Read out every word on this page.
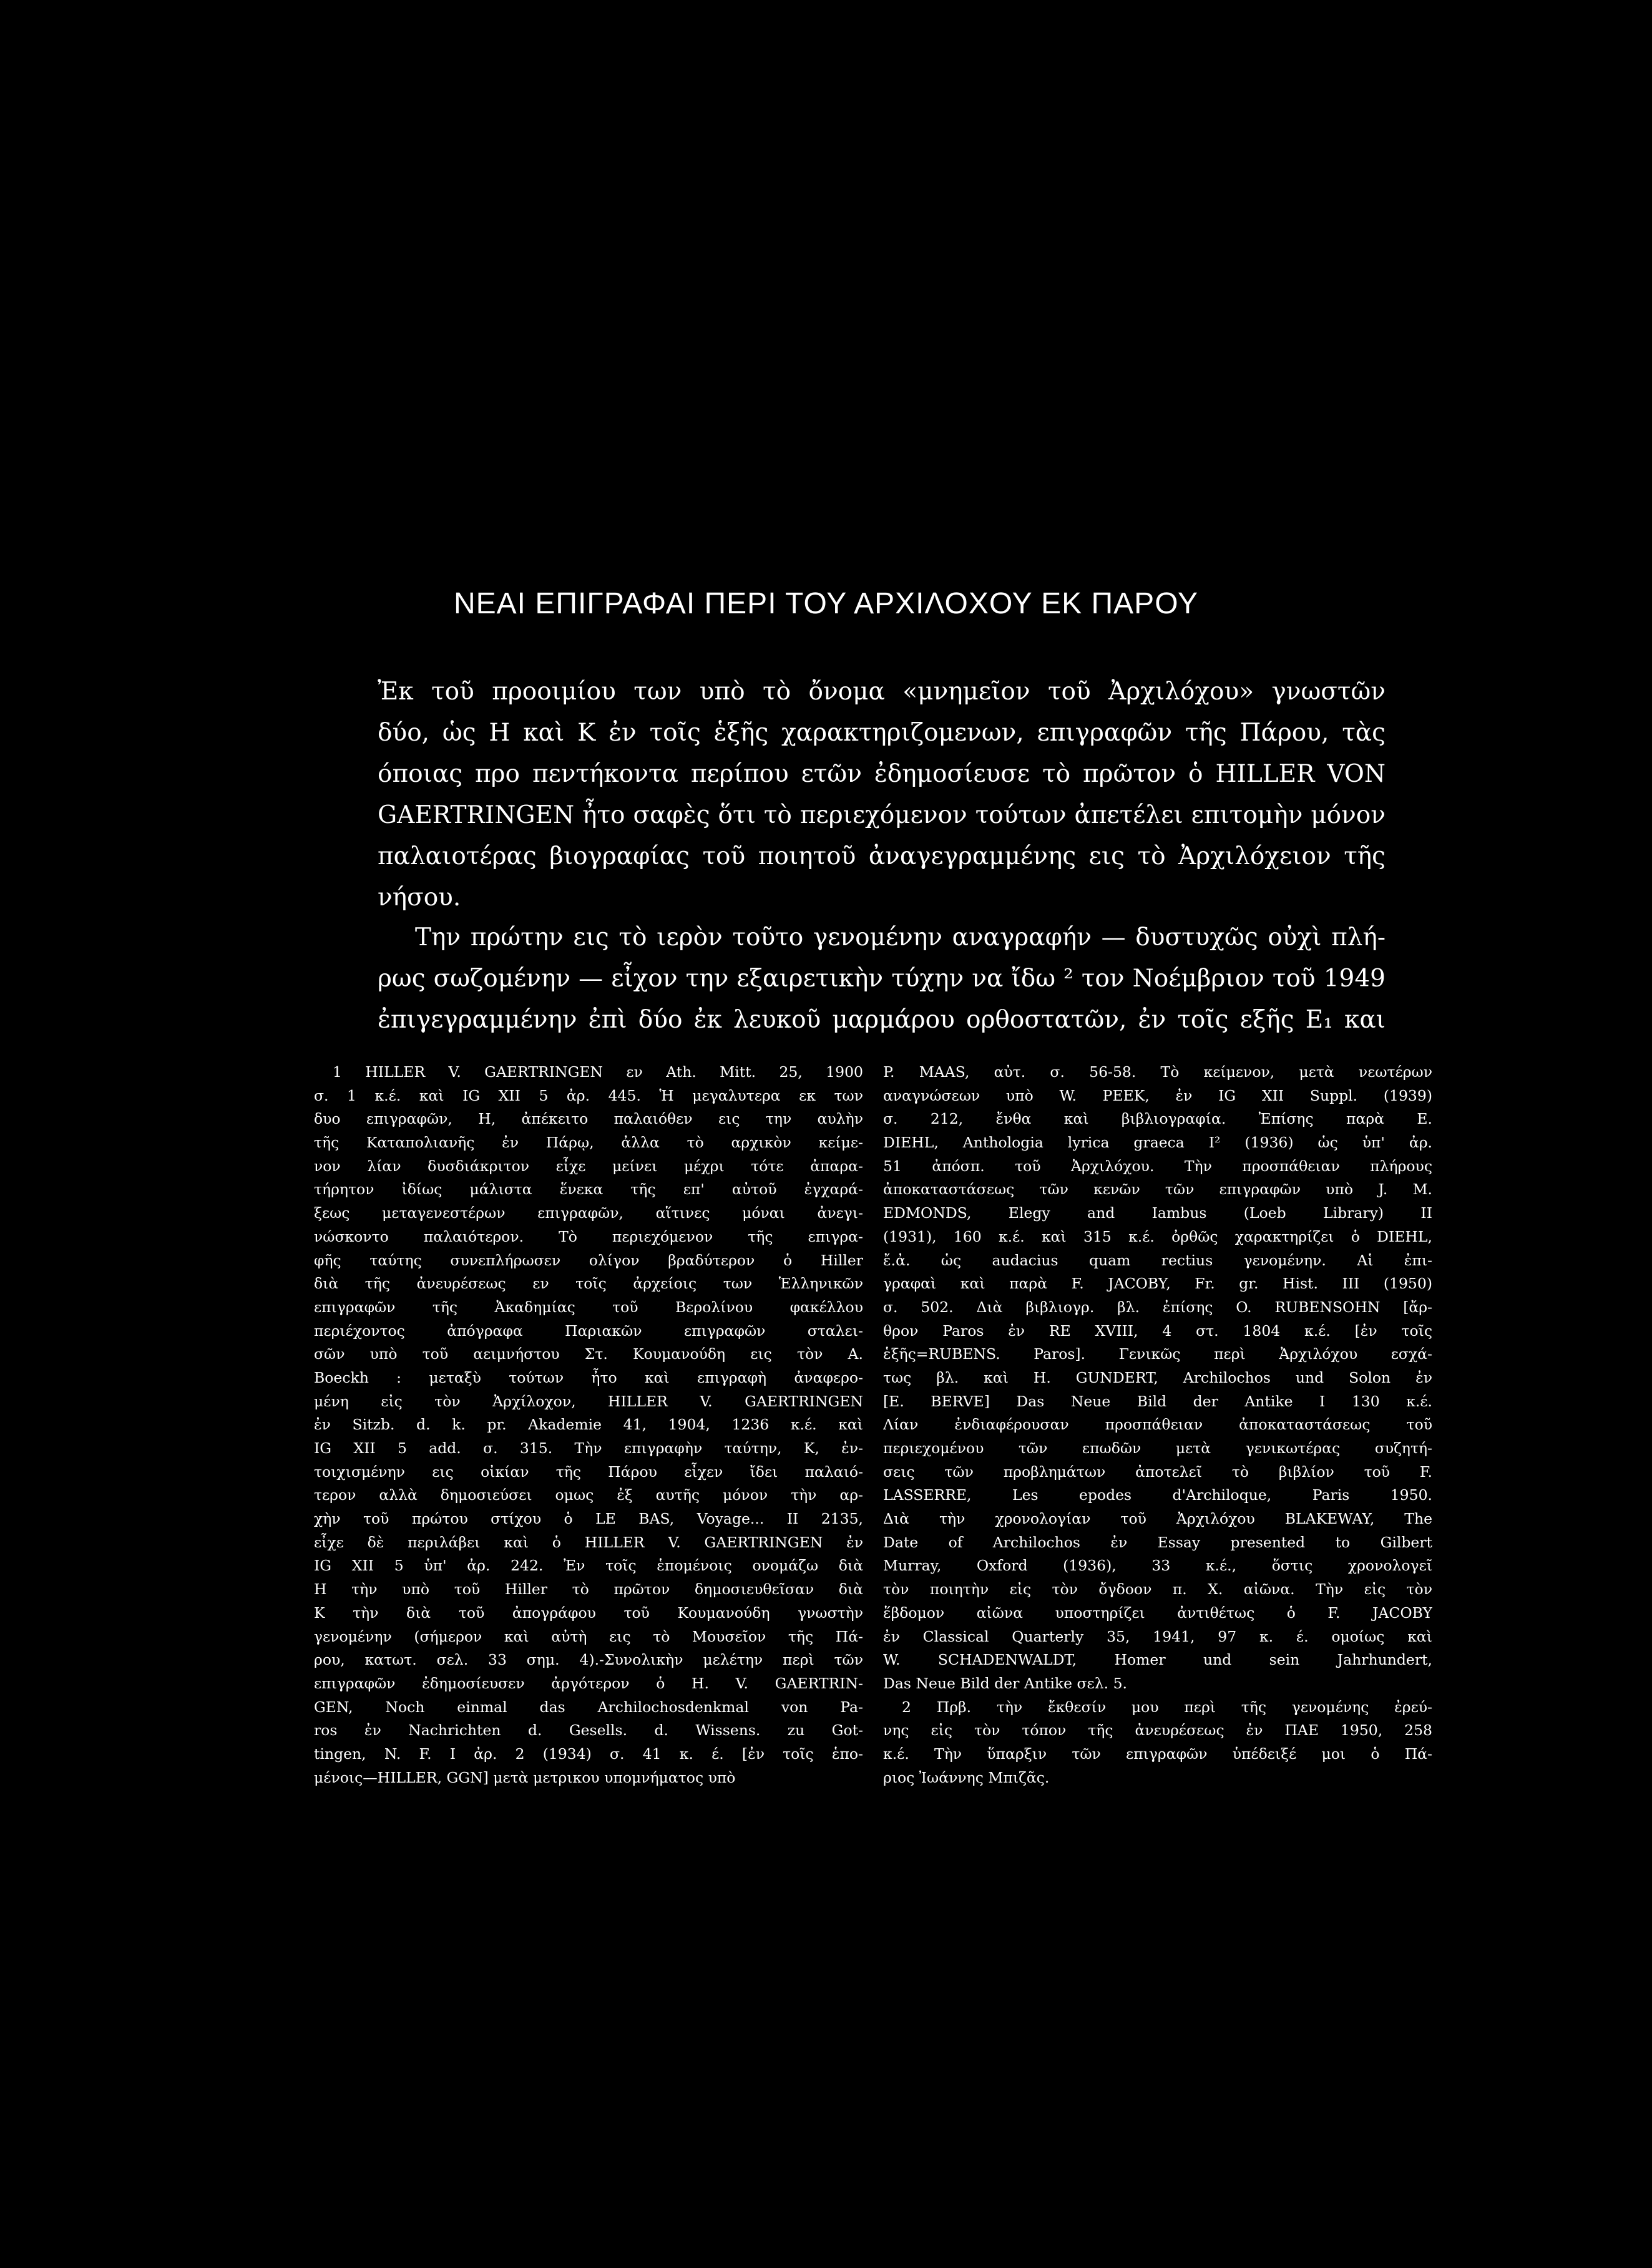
ΝΕΑΙ ΕΠΙΓΡΑΦΑΙ ΠΕΡΙ ΤΟΥ ΑΡΧΙΛΟΧΟΥ ΕΚ ΠΑΡΟΥ
Ἐκ τοῦ προοιμίου των υπὸ τὸ ὄνομα «μνημεῖον τοῦ Ἀρχιλόχου» γνωστῶν
δύο, ὡς Η καὶ Κ ἐν τοῖς ἑξῆς χαρακτηριζομενων, επιγραφῶν τῆς Πάρου, τὰς
όποιας προ πεντήκοντα περίπου ετῶν ἐδημοσίευσε τὸ πρῶτον ὁ HILLER VON
GAERTRINGEN ἦτο σαφὲς ὅτι τὸ περιεχόμενον τούτων ἀπετέλει επιτομὴν μόνον
παλαιοτέρας βιογραφίας τοῦ ποιητοῦ ἀναγεγραμμένης εις τὸ Ἀρχιλόχειον τῆς
νήσου.
Την πρώτην εις τὸ ιερὸν τοῦτο γενομένην αναγραφήν — δυστυχῶς οὐχὶ πλή-
ρως σωζομένην — εἶχον την εξαιρετικὴν τύχην να ἴδω ² τον Νοέμβριον τοῦ 1949
ἐπιγεγραμμένην ἐπὶ δύο ἐκ λευκοῦ μαρμάρου ορθοστατῶν, ἐν τοῖς εξῆς E₁ και
1 HILLER V. GAERTRINGEN εν Ath. Mitt. 25, 1900
σ. 1 κ.έ. καὶ IG XII 5 ἀρ. 445. Ἡ μεγαλυτερα εκ των
δυο επιγραφῶν, Η, ἀπέκειτο παλαιόθεν εις την αυλὴν
τῆς Καταπολιανῆς ἐν Πάρῳ, ἀλλα τὸ αρχικὸν κείμε-
νον λίαν δυσδιάκριτον εἶχε μείνει μέχρι τότε ἀπαρα-
τήρητον ἰδίως μάλιστα ἕνεκα τῆς επ' αὐτοῦ ἐγχαρά-
ξεως μεταγενεστέρων επιγραφῶν, αἵτινες μόναι ἀνεγι-
νώσκοντο παλαιότερον. Τὸ περιεχόμενον τῆς επιγρα-
φῆς ταύτης συνεπλήρωσεν ολίγον βραδύτερον ὁ Hiller
διὰ τῆς ἀνευρέσεως εν τοῖς ἀρχείοις των Ἑλληνικῶν
επιγραφῶν τῆς Ἀκαδημίας τοῦ Βερολίνου φακέλλου
περιέχοντος ἀπόγραφα Παριακῶν επιγραφῶν σταλει-
σῶν υπὸ τοῦ αειμνήστου Στ. Κουμανούδη εις τὸν Α.
Boeckh : μεταξὺ τούτων ἦτο καὶ επιγραφὴ ἀναφερο-
μένη εἰς τὸν Ἀρχίλοχον, HILLER V. GAERTRINGEN
ἐν Sitzb. d. k. pr. Akademie 41, 1904, 1236 κ.έ. καὶ
IG XII 5 add. σ. 315. Τὴν επιγραφὴν ταύτην, Κ, ἐν-
τοιχισμένην εις οἰκίαν τῆς Πάρου εἶχεν ἴδει παλαιό-
τερον αλλὰ δημοσιεύσει ομως ἐξ αυτῆς μόνον τὴν αρ-
χὴν τοῦ πρώτου στίχου ὁ LE BAS, Voyage... II 2135,
εἶχε δὲ περιλάβει καὶ ὁ HILLER V. GAERTRINGEN ἐν
IG XII 5 ὑπ' ἀρ. 242. Ἐν τοῖς ἑπομένοις ονομάζω διὰ
Η τὴν υπὸ τοῦ Hiller τὸ πρῶτον δημοσιευθεῖσαν διὰ
Κ τὴν διὰ τοῦ ἀπογράφου τοῦ Κουμανούδη γνωστὴν
γενομένην (σήμερον καὶ αὐτὴ εις τὸ Μουσεῖον τῆς Πά-
ρου, κατωτ. σελ. 33 σημ. 4).-Συνολικὴν μελέτην περὶ τῶν
επιγραφῶν ἐδημοσίευσεν ἀργότερον ὁ H. V. GAERTRIN-
GEN, Noch einmal das Archilochosdenkmal von Pa-
ros ἐν Nachrichten d. Gesells. d. Wissens. zu Got-
tingen, N. F. I ἀρ. 2 (1934) σ. 41 κ. έ. [ἐν τοῖς ἑπο-
μένοις—HILLER, GGN] μετὰ μετρικου υπομνήματος υπὸ
P. MAAS, αὐτ. σ. 56-58. Τὸ κείμενον, μετὰ νεωτέρων
αναγνώσεων υπὸ W. PEEK, ἐν IG XII Suppl. (1939)
σ. 212, ἔνθα καὶ βιβλιογραφία. Ἐπίσης παρὰ E.
DIEHL, Anthologia lyrica graeca I² (1936) ὡς ὑπ' ἀρ.
51 ἀπόσπ. τοῦ Ἀρχιλόχου. Τὴν προσπάθειαν πλήρους
ἀποκαταστάσεως τῶν κενῶν τῶν επιγραφῶν υπὸ J. M.
EDMONDS, Elegy and Iambus (Loeb Library) II
(1931), 160 κ.έ. καὶ 315 κ.έ. ὀρθῶς χαρακτηρίζει ὁ DIEHL,
ἔ.ἀ. ὡς audacius quam rectius γενομένην. Αἱ ἐπι-
γραφαὶ καὶ παρὰ F. JACOBY, Fr. gr. Hist. III (1950)
σ. 502. Διὰ βιβλιογρ. βλ. ἐπίσης O. RUBENSOHN [ἄρ-
θρον Paros ἐν RE XVIII, 4 στ. 1804 κ.έ. [ἐν τοῖς
ἑξῆς=RUBENS. Paros]. Γενικῶς περὶ Ἀρχιλόχου εσχά-
τως βλ. καὶ H. GUNDERT, Archilochos und Solon ἐν
[E. BERVE] Das Neue Bild der Antike I 130 κ.έ.
Λίαν ἐνδιαφέρουσαν προσπάθειαν ἀποκαταστάσεως τοῦ
περιεχομένου τῶν επωδῶν μετὰ γενικωτέρας συζητή-
σεις τῶν προβλημάτων ἀποτελεῖ τὸ βιβλίον τοῦ F.
LASSERRE, Les epodes d'Archiloque, Paris 1950.
Διὰ τὴν χρονολογίαν τοῦ Ἀρχιλόχου BLAKEWAY, The
Date of Archilochos ἐν Essay presented to Gilbert
Murray, Oxford (1936), 33 κ.έ., ὅστις χρονολογεῖ
τὸν ποιητὴν εἰς τὸν ὄγδοον π. Χ. αἰῶνα. Τὴν εἰς τὸν
ἕβδομον αἰῶνα υποστηρίζει ἀντιθέτως ὁ F. JACOBY
ἐν Classical Quarterly 35, 1941, 97 κ. έ. ομοίως καὶ
W. SCHADENWALDT, Homer und sein Jahrhundert,
Das Neue Bild der Antike σελ. 5.
2 Πρβ. τὴν ἔκθεσίν μου περὶ τῆς γενομένης ἐρεύ-
νης εἰς τὸν τόπον τῆς ἀνευρέσεως ἐν ΠΑΕ 1950, 258
κ.έ. Τὴν ὕπαρξιν τῶν επιγραφῶν ὑπέδειξέ μοι ὁ Πά-
ριος Ἰωάννης Μπιζᾶς.
